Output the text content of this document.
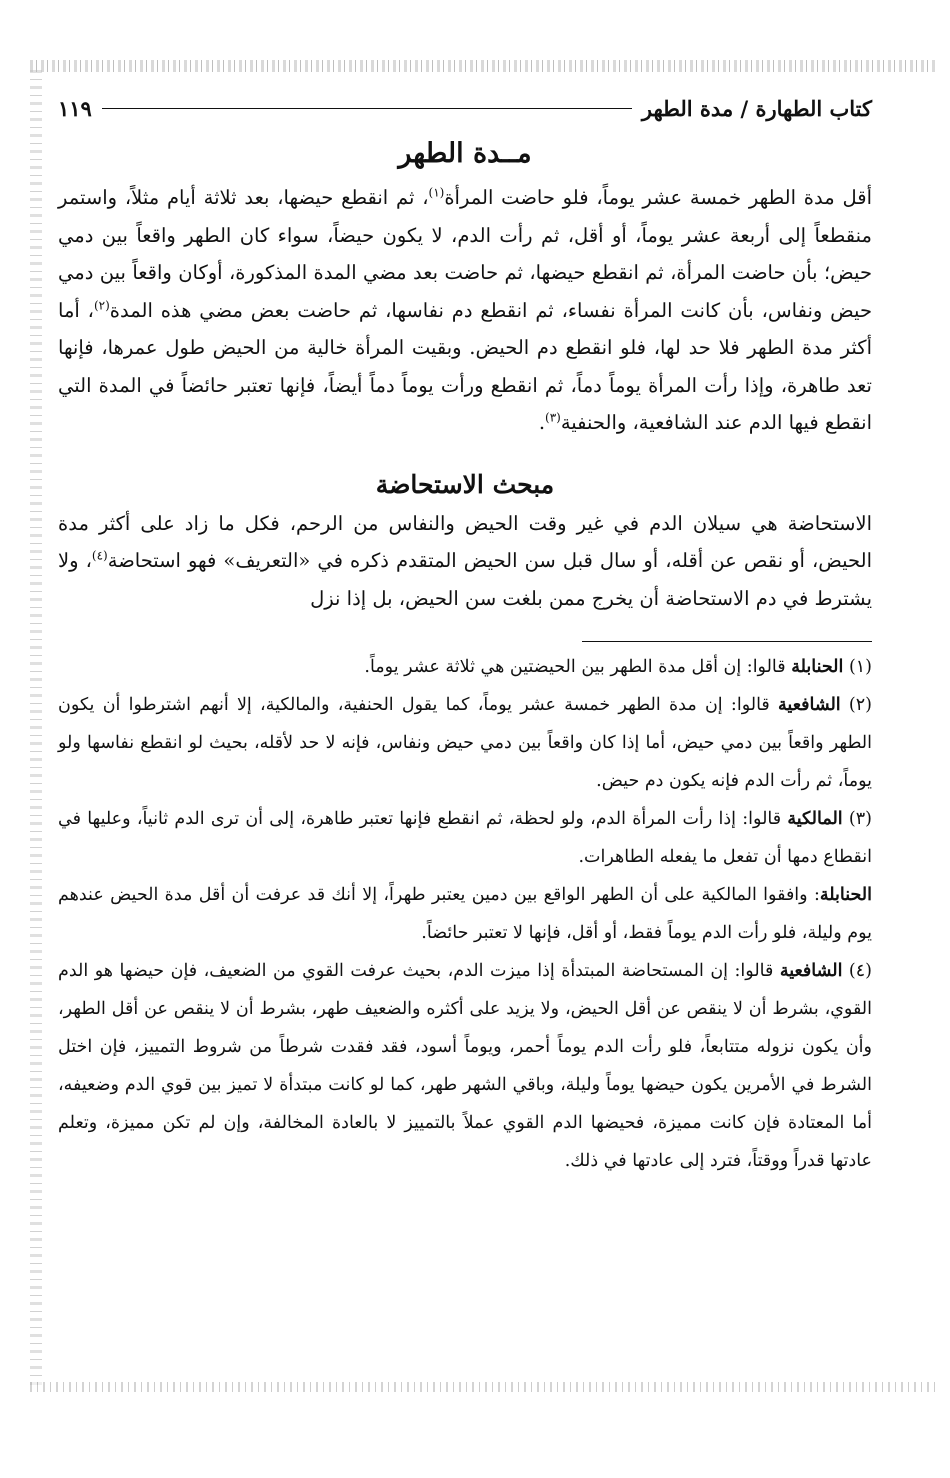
كتاب الطهارة / مدة الطهر
١١٩
مــدة الطهر

أقل مدة الطهر خمسة عشر يوماً، فلو حاضت المرأة$^{(١)}$، ثم انقطع حيضها، بعد ثلاثة أيام مثلاً، واستمر منقطعاً إلى أربعة عشر يوماً، أو أقل، ثم رأت الدم، لا يكون حيضاً، سواء كان الطهر واقعاً بين دمي حيض؛ بأن حاضت المرأة، ثم انقطع حيضها، ثم حاضت بعد مضي المدة المذكورة، أوكان واقعاً بين دمي حيض ونفاس، بأن كانت المرأة نفساء، ثم انقطع دم نفاسها، ثم حاضت بعض مضي هذه المدة$^{(٢)}$، أما أكثر مدة الطهر فلا حد لها، فلو انقطع دم الحيض. وبقيت المرأة خالية من الحيض طول عمرها، فإنها تعد طاهرة، وإذا رأت المرأة يوماً دماً، ثم انقطع ورأت يوماً دماً أيضاً، فإنها تعتبر حائضاً في المدة التي انقطع فيها الدم عند الشافعية، والحنفية$^{(٣)}$.

مبحث الاستحاضة

الاستحاضة هي سيلان الدم في غير وقت الحيض والنفاس من الرحم، فكل ما زاد على أكثر مدة الحيض، أو نقص عن أقله، أو سال قبل سن الحيض المتقدم ذكره في «التعريف» فهو استحاضة$^{(٤)}$، ولا يشترط في دم الاستحاضة أن يخرج ممن بلغت سن الحيض، بل إذا نزل

(١) الحنابلة قالوا: إن أقل مدة الطهر بين الحيضتين هي ثلاثة عشر يوماً.

(٢) الشافعية قالوا: إن مدة الطهر خمسة عشر يوماً، كما يقول الحنفية، والمالكية، إلا أنهم اشترطوا أن يكون الطهر واقعاً بين دمي حيض، أما إذا كان واقعاً بين دمي حيض ونفاس، فإنه لا حد لأقله، بحيث لو انقطع نفاسها ولو يوماً، ثم رأت الدم فإنه يكون دم حيض.

(٣) المالكية قالوا: إذا رأت المرأة الدم، ولو لحظة، ثم انقطع فإنها تعتبر طاهرة، إلى أن ترى الدم ثانياً، وعليها في انقطاع دمها أن تفعل ما يفعله الطاهرات.

الحنابلة: وافقوا المالكية على أن الطهر الواقع بين دمين يعتبر طهراً، إلا أنك قد عرفت أن أقل مدة الحيض عندهم يوم وليلة، فلو رأت الدم يوماً فقط، أو أقل، فإنها لا تعتبر حائضاً.

(٤) الشافعية قالوا: إن المستحاضة المبتدأة إذا ميزت الدم، بحيث عرفت القوي من الضعيف، فإن حيضها هو الدم القوي، بشرط أن لا ينقص عن أقل الحيض، ولا يزيد على أكثره والضعيف طهر، بشرط أن لا ينقص عن أقل الطهر، وأن يكون نزوله متتابعاً، فلو رأت الدم يوماً أحمر، ويوماً أسود، فقد فقدت شرطاً من شروط التمييز، فإن اختل الشرط في الأمرين يكون حيضها يوماً وليلة، وباقي الشهر طهر، كما لو كانت مبتدأة لا تميز بين قوي الدم وضعيفه، أما المعتادة فإن كانت مميزة، فحيضها الدم القوي عملاً بالتمييز لا بالعادة المخالفة، وإن لم تكن مميزة، وتعلم عادتها قدراً ووقتاً، فترد إلى عادتها في ذلك.
